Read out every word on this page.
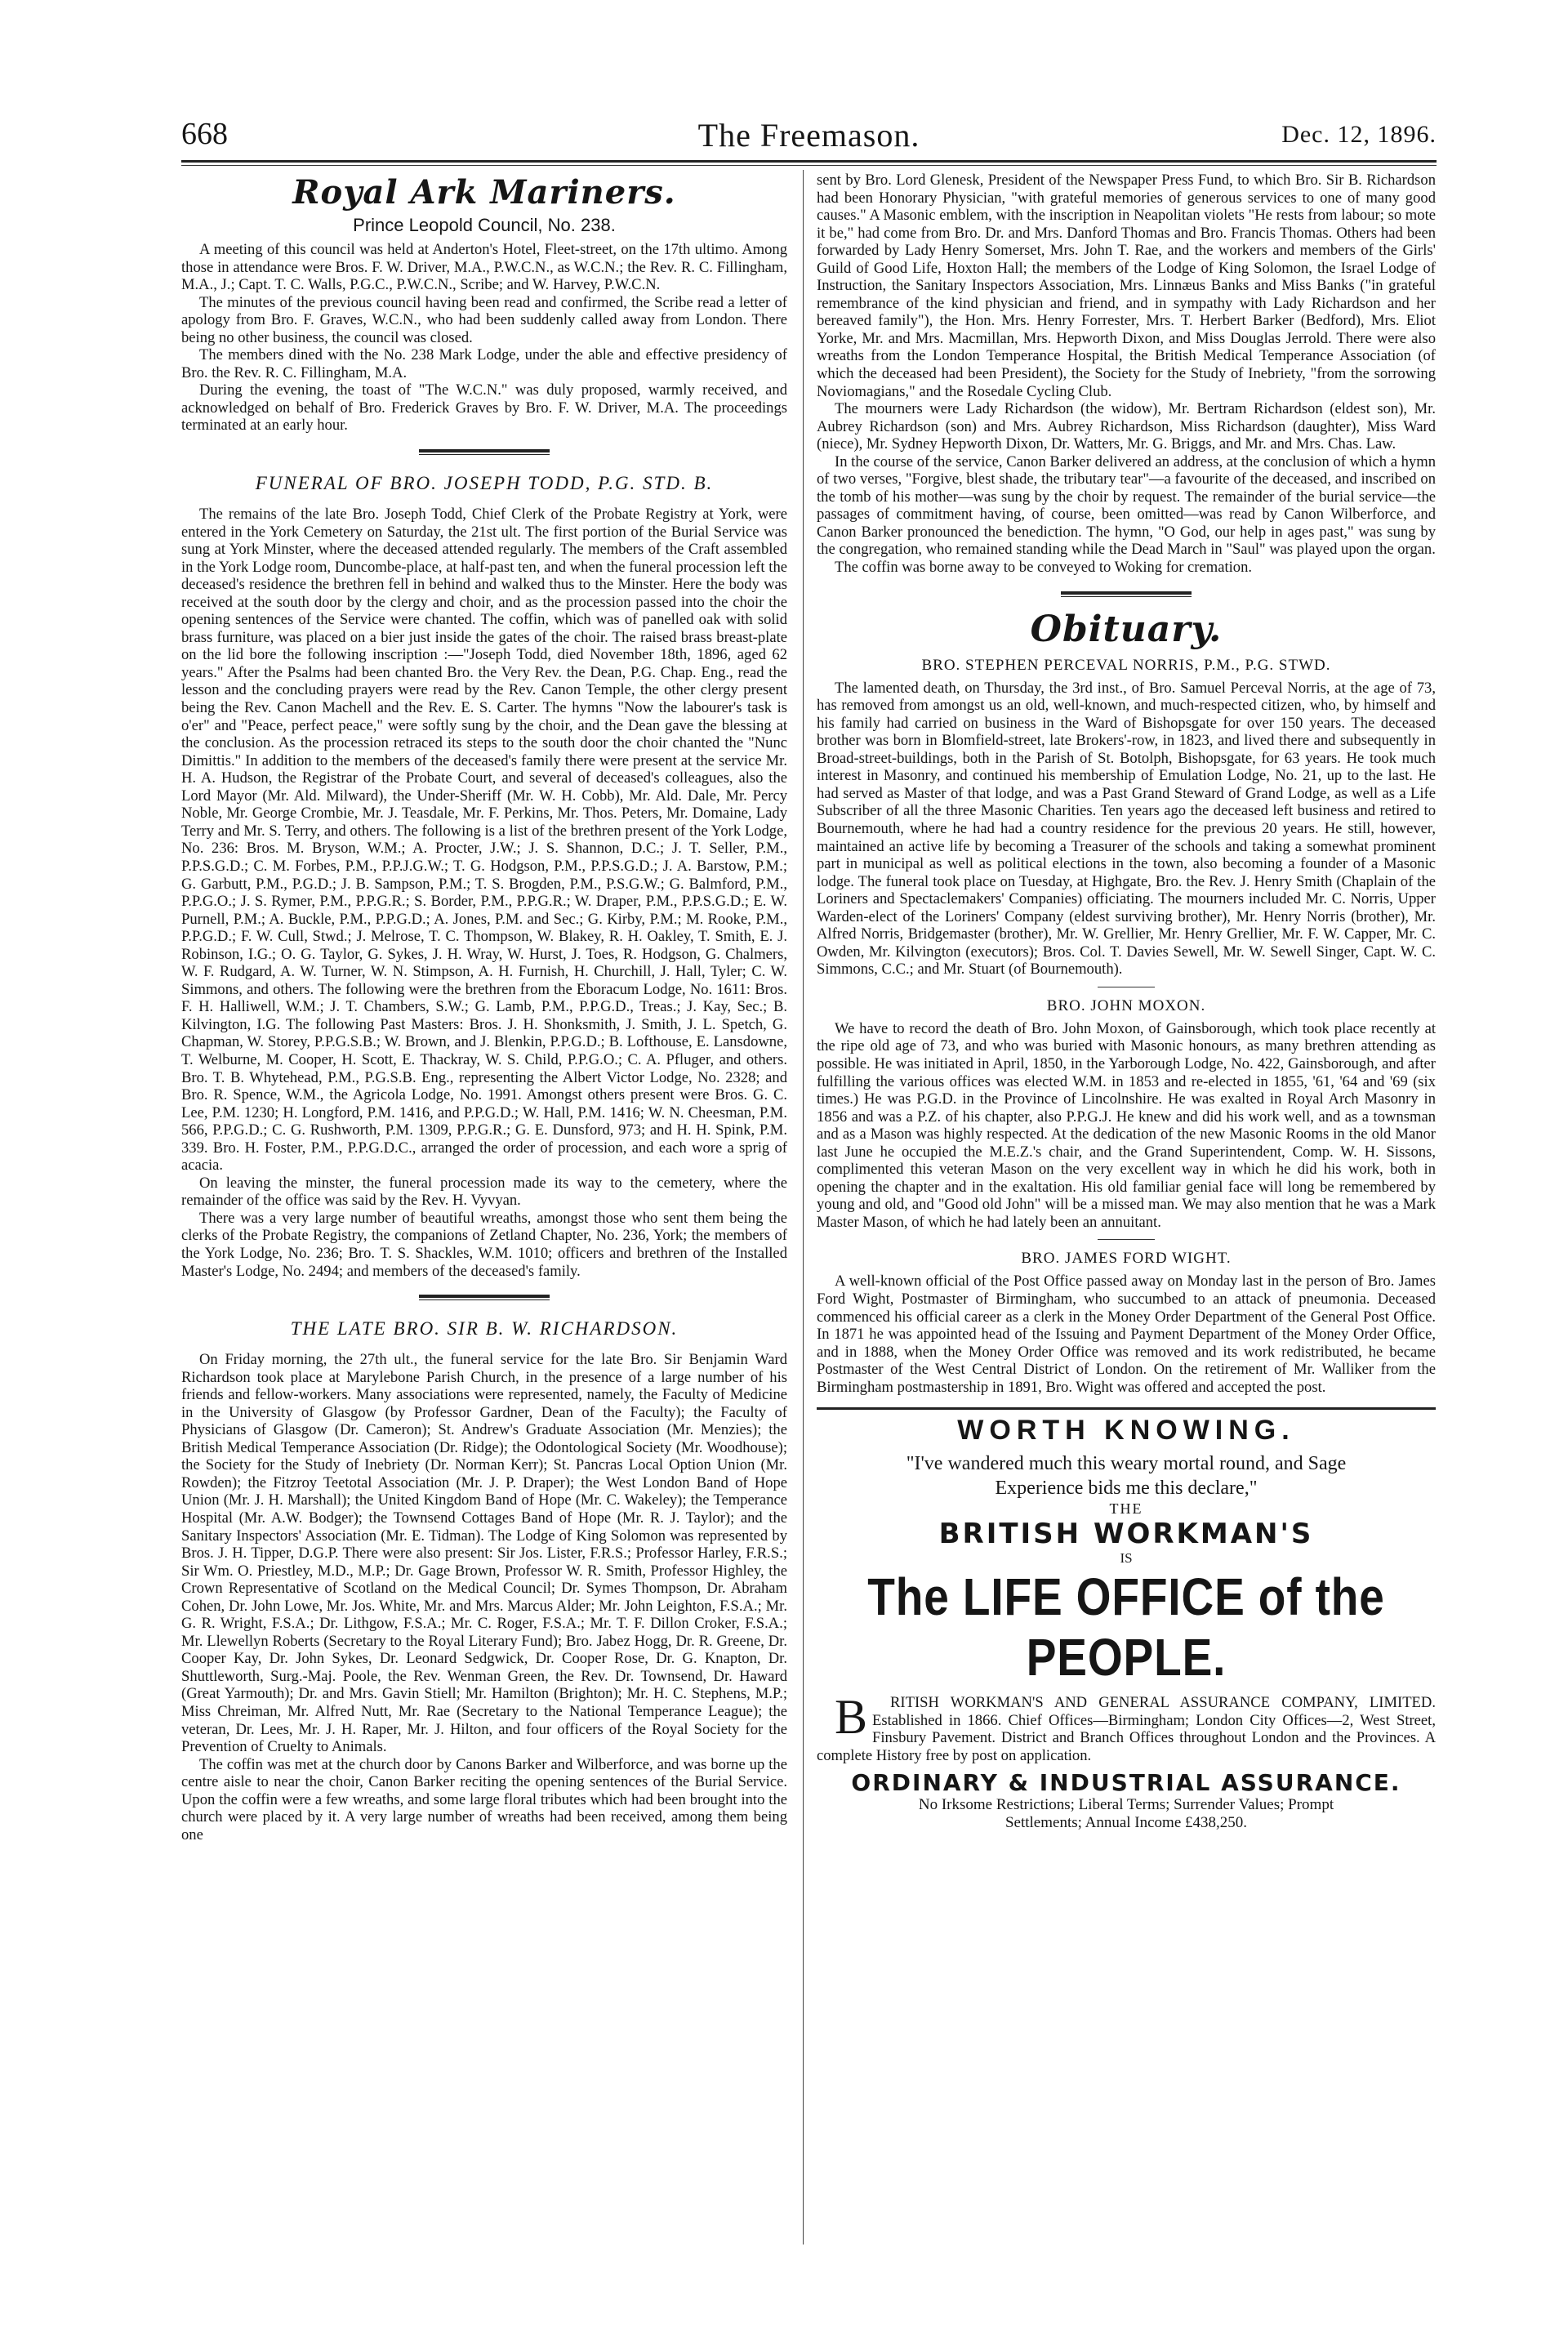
668	The Freemason.	Dec. 12, 1896.
Royal Ark Mariners.
Prince Leopold Council, No. 238.

A meeting of this council was held at Anderton's Hotel, Fleet-street, on the 17th ultimo. Among those in attendance were Bros. F. W. Driver, M.A., P.W.C.N., as W.C.N.; the Rev. R. C. Fillingham, M.A., J.; Capt. T. C. Walls, P.G.C., P.W.C.N., Scribe; and W. Harvey, P.W.C.N.

The minutes of the previous council having been read and confirmed, the Scribe read a letter of apology from Bro. F. Graves, W.C.N., who had been suddenly called away from London. There being no other business, the council was closed.

The members dined with the No. 238 Mark Lodge, under the able and effective presidency of Bro. the Rev. R. C. Fillingham, M.A.

During the evening, the toast of "The W.C.N." was duly proposed, warmly received, and acknowledged on behalf of Bro. Frederick Graves by Bro. F. W. Driver, M.A. The proceedings terminated at an early hour.

FUNERAL OF BRO. JOSEPH TODD, P.G. STD. B.

The remains of the late Bro. Joseph Todd, Chief Clerk of the Probate Registry at York, were entered in the York Cemetery on Saturday, the 21st ult. The first portion of the Burial Service was sung at York Minster, where the deceased attended regularly. The members of the Craft assembled in the York Lodge room, Duncombe-place, at half-past ten, and when the funeral procession left the deceased's residence the brethren fell in behind and walked thus to the Minster. Here the body was received at the south door by the clergy and choir, and as the procession passed into the choir the opening sentences of the Service were chanted. The coffin, which was of panelled oak with solid brass furniture, was placed on a bier just inside the gates of the choir. The raised brass breast-plate on the lid bore the following inscription :—"Joseph Todd, died November 18th, 1896, aged 62 years." After the Psalms had been chanted Bro. the Very Rev. the Dean, P.G. Chap. Eng., read the lesson and the concluding prayers were read by the Rev. Canon Temple, the other clergy present being the Rev. Canon Machell and the Rev. E. S. Carter. The hymns "Now the labourer's task is o'er" and "Peace, perfect peace," were softly sung by the choir, and the Dean gave the blessing at the conclusion. As the procession retraced its steps to the south door the choir chanted the "Nunc Dimittis." In addition to the members of the deceased's family there were present at the service Mr. H. A. Hudson, the Registrar of the Probate Court, and several of deceased's colleagues, also the Lord Mayor (Mr. Ald. Milward), the Under-Sheriff (Mr. W. H. Cobb), Mr. Ald. Dale, Mr. Percy Noble, Mr. George Crombie, Mr. J. Teasdale, Mr. F. Perkins, Mr. Thos. Peters, Mr. Domaine, Lady Terry and Mr. S. Terry, and others. The following is a list of the brethren present of the York Lodge, No. 236: Bros. M. Bryson, W.M.; A. Procter, J.W.; J. S. Shannon, D.C.; J. T. Seller, P.M., P.P.S.G.D.; C. M. Forbes, P.M., P.P.J.G.W.; T. G. Hodgson, P.M., P.P.S.G.D.; J. A. Barstow, P.M.; G. Garbutt, P.M., P.G.D.; J. B. Sampson, P.M.; T. S. Brogden, P.M., P.S.G.W.; G. Balmford, P.M., P.P.G.O.; J. S. Rymer, P.M., P.P.G.R.; S. Border, P.M., P.P.G.R.; W. Draper, P.M., P.P.S.G.D.; E. W. Purnell, P.M.; A. Buckle, P.M., P.P.G.D.; A. Jones, P.M. and Sec.; G. Kirby, P.M.; M. Rooke, P.M., P.P.G.D.; F. W. Cull, Stwd.; J. Melrose, T. C. Thompson, W. Blakey, R. H. Oakley, T. Smith, E. J. Robinson, I.G.; O. G. Taylor, G. Sykes, J. H. Wray, W. Hurst, J. Toes, R. Hodgson, G. Chalmers, W. F. Rudgard, A. W. Turner, W. N. Stimpson, A. H. Furnish, H. Churchill, J. Hall, Tyler; C. W. Simmons, and others. The following were the brethren from the Eboracum Lodge, No. 1611: Bros. F. H. Halliwell, W.M.; J. T. Chambers, S.W.; G. Lamb, P.M., P.P.G.D., Treas.; J. Kay, Sec.; B. Kilvington, I.G. The following Past Masters: Bros. J. H. Shonksmith, J. Smith, J. L. Spetch, G. Chapman, W. Storey, P.P.G.S.B.; W. Brown, and J. Blenkin, P.P.G.D.; B. Lofthouse, E. Lansdowne, T. Welburne, M. Cooper, H. Scott, E. Thackray, W. S. Child, P.P.G.O.; C. A. Pfluger, and others. Bro. T. B. Whytehead, P.M., P.G.S.B. Eng., representing the Albert Victor Lodge, No. 2328; and Bro. R. Spence, W.M., the Agricola Lodge, No. 1991. Amongst others present were Bros. G. C. Lee, P.M. 1230; H. Longford, P.M. 1416, and P.P.G.D.; W. Hall, P.M. 1416; W. N. Cheesman, P.M. 566, P.P.G.D.; C. G. Rushworth, P.M. 1309, P.P.G.R.; G. E. Dunsford, 973; and H. H. Spink, P.M. 339. Bro. H. Foster, P.M., P.P.G.D.C., arranged the order of procession, and each wore a sprig of acacia.

On leaving the minster, the funeral procession made its way to the cemetery, where the remainder of the office was said by the Rev. H. Vyvyan.

There was a very large number of beautiful wreaths, amongst those who sent them being the clerks of the Probate Registry, the companions of Zetland Chapter, No. 236, York; the members of the York Lodge, No. 236; Bro. T. S. Shackles, W.M. 1010; officers and brethren of the Installed Master's Lodge, No. 2494; and members of the deceased's family.

THE LATE BRO. SIR B. W. RICHARDSON.

On Friday morning, the 27th ult., the funeral service for the late Bro. Sir Benjamin Ward Richardson took place at Marylebone Parish Church, in the presence of a large number of his friends and fellow-workers. Many associations were represented, namely, the Faculty of Medicine in the University of Glasgow (by Professor Gardner, Dean of the Faculty); the Faculty of Physicians of Glasgow (Dr. Cameron); St. Andrew's Graduate Association (Mr. Menzies); the British Medical Temperance Association (Dr. Ridge); the Odontological Society (Mr. Woodhouse); the Society for the Study of Inebriety (Dr. Norman Kerr); St. Pancras Local Option Union (Mr. Rowden); the Fitzroy Teetotal Association (Mr. J. P. Draper); the West London Band of Hope Union (Mr. J. H. Marshall); the United Kingdom Band of Hope (Mr. C. Wakeley); the Temperance Hospital (Mr. A.W. Bodger); the Townsend Cottages Band of Hope (Mr. R. J. Taylor); and the Sanitary Inspectors' Association (Mr. E. Tidman). The Lodge of King Solomon was represented by Bros. J. H. Tipper, D.G.P. There were also present: Sir Jos. Lister, F.R.S.; Professor Harley, F.R.S.; Sir Wm. O. Priestley, M.D., M.P.; Dr. Gage Brown, Professor W. R. Smith, Professor Highley, the Crown Representative of Scotland on the Medical Council; Dr. Symes Thompson, Dr. Abraham Cohen, Dr. John Lowe, Mr. Jos. White, Mr. and Mrs. Marcus Alder; Mr. John Leighton, F.S.A.; Mr. G. R. Wright, F.S.A.; Dr. Lithgow, F.S.A.; Mr. C. Roger, F.S.A.; Mr. T. F. Dillon Croker, F.S.A.; Mr. Llewellyn Roberts (Secretary to the Royal Literary Fund); Bro. Jabez Hogg, Dr. R. Greene, Dr. Cooper Kay, Dr. John Sykes, Dr. Leonard Sedgwick, Dr. Cooper Rose, Dr. G. Knapton, Dr. Shuttleworth, Surg.-Maj. Poole, the Rev. Wenman Green, the Rev. Dr. Townsend, Dr. Haward (Great Yarmouth); Dr. and Mrs. Gavin Stiell; Mr. Hamilton (Brighton); Mr. H. C. Stephens, M.P.; Miss Chreiman, Mr. Alfred Nutt, Mr. Rae (Secretary to the National Temperance League); the veteran, Dr. Lees, Mr. J. H. Raper, Mr. J. Hilton, and four officers of the Royal Society for the Prevention of Cruelty to Animals.

The coffin was met at the church door by Canons Barker and Wilberforce, and was borne up the centre aisle to near the choir, Canon Barker reciting the opening sentences of the Burial Service. Upon the coffin were a few wreaths, and some large floral tributes which had been brought into the church were placed by it. A very large number of wreaths had been received, among them being one

sent by Bro. Lord Glenesk, President of the Newspaper Press Fund, to which Bro. Sir B. Richardson had been Honorary Physician, "with grateful memories of generous services to one of many good causes." A Masonic emblem, with the inscription in Neapolitan violets "He rests from labour; so mote it be," had come from Bro. Dr. and Mrs. Danford Thomas and Bro. Francis Thomas. Others had been forwarded by Lady Henry Somerset, Mrs. John T. Rae, and the workers and members of the Girls' Guild of Good Life, Hoxton Hall; the members of the Lodge of King Solomon, the Israel Lodge of Instruction, the Sanitary Inspectors Association, Mrs. Linnæus Banks and Miss Banks ("in grateful remembrance of the kind physician and friend, and in sympathy with Lady Richardson and her bereaved family"), the Hon. Mrs. Henry Forrester, Mrs. T. Herbert Barker (Bedford), Mrs. Eliot Yorke, Mr. and Mrs. Macmillan, Mrs. Hepworth Dixon, and Miss Douglas Jerrold. There were also wreaths from the London Temperance Hospital, the British Medical Temperance Association (of which the deceased had been President), the Society for the Study of Inebriety, "from the sorrowing Noviomagians," and the Rosedale Cycling Club.

The mourners were Lady Richardson (the widow), Mr. Bertram Richardson (eldest son), Mr. Aubrey Richardson (son) and Mrs. Aubrey Richardson, Miss Richardson (daughter), Miss Ward (niece), Mr. Sydney Hepworth Dixon, Dr. Watters, Mr. G. Briggs, and Mr. and Mrs. Chas. Law.

In the course of the service, Canon Barker delivered an address, at the conclusion of which a hymn of two verses, "Forgive, blest shade, the tributary tear"—a favourite of the deceased, and inscribed on the tomb of his mother—was sung by the choir by request. The remainder of the burial service—the passages of commitment having, of course, been omitted—was read by Canon Wilberforce, and Canon Barker pronounced the benediction. The hymn, "O God, our help in ages past," was sung by the congregation, who remained standing while the Dead March in "Saul" was played upon the organ.

The coffin was borne away to be conveyed to Woking for cremation.

Obituary.
BRO. STEPHEN PERCEVAL NORRIS, P.M., P.G. STWD.

The lamented death, on Thursday, the 3rd inst., of Bro. Samuel Perceval Norris, at the age of 73, has removed from amongst us an old, well-known, and much-respected citizen, who, by himself and his family had carried on business in the Ward of Bishopsgate for over 150 years. The deceased brother was born in Blomfield-street, late Brokers'-row, in 1823, and lived there and subsequently in Broad-street-buildings, both in the Parish of St. Botolph, Bishopsgate, for 63 years. He took much interest in Masonry, and continued his membership of Emulation Lodge, No. 21, up to the last. He had served as Master of that lodge, and was a Past Grand Steward of Grand Lodge, as well as a Life Subscriber of all the three Masonic Charities. Ten years ago the deceased left business and retired to Bournemouth, where he had had a country residence for the previous 20 years. He still, however, maintained an active life by becoming a Treasurer of the schools and taking a somewhat prominent part in municipal as well as political elections in the town, also becoming a founder of a Masonic lodge. The funeral took place on Tuesday, at Highgate, Bro. the Rev. J. Henry Smith (Chaplain of the Loriners and Spectaclemakers' Companies) officiating. The mourners included Mr. C. Norris, Upper Warden-elect of the Loriners' Company (eldest surviving brother), Mr. Henry Norris (brother), Mr. Alfred Norris, Bridgemaster (brother), Mr. W. Grellier, Mr. Henry Grellier, Mr. F. W. Capper, Mr. C. Owden, Mr. Kilvington (executors); Bros. Col. T. Davies Sewell, Mr. W. Sewell Singer, Capt. W. C. Simmons, C.C.; and Mr. Stuart (of Bournemouth).

BRO. JOHN MOXON.

We have to record the death of Bro. John Moxon, of Gainsborough, which took place recently at the ripe old age of 73, and who was buried with Masonic honours, as many brethren attending as possible. He was initiated in April, 1850, in the Yarborough Lodge, No. 422, Gainsborough, and after fulfilling the various offices was elected W.M. in 1853 and re-elected in 1855, '61, '64 and '69 (six times.) He was P.G.D. in the Province of Lincolnshire. He was exalted in Royal Arch Masonry in 1856 and was a P.Z. of his chapter, also P.P.G.J. He knew and did his work well, and as a townsman and as a Mason was highly respected. At the dedication of the new Masonic Rooms in the old Manor last June he occupied the M.E.Z.'s chair, and the Grand Superintendent, Comp. W. H. Sissons, complimented this veteran Mason on the very excellent way in which he did his work, both in opening the chapter and in the exaltation. His old familiar genial face will long be remembered by young and old, and "Good old John" will be a missed man. We may also mention that he was a Mark Master Mason, of which he had lately been an annuitant.

BRO. JAMES FORD WIGHT.

A well-known official of the Post Office passed away on Monday last in the person of Bro. James Ford Wight, Postmaster of Birmingham, who succumbed to an attack of pneumonia. Deceased commenced his official career as a clerk in the Money Order Department of the General Post Office. In 1871 he was appointed head of the Issuing and Payment Department of the Money Order Office, and in 1888, when the Money Order Office was removed and its work redistributed, he became Postmaster of the West Central District of London. On the retirement of Mr. Walliker from the Birmingham postmastership in 1891, Bro. Wight was offered and accepted the post.

WORTH KNOWING.
"I've wandered much this weary mortal round, and Sage
Experience bids me this declare,"
THE
BRITISH WORKMAN'S
IS
The LIFE OFFICE of the PEOPLE.

B RITISH WORKMAN'S AND GENERAL ASSURANCE COMPANY, LIMITED. Established in 1866. Chief Offices—Birmingham; London City Offices—2, West Street, Finsbury Pavement. District and Branch Offices throughout London and the Provinces. A complete History free by post on application.

ORDINARY & INDUSTRIAL ASSURANCE.
No Irksome Restrictions; Liberal Terms; Surrender Values; Prompt
Settlements; Annual Income £438,250.
